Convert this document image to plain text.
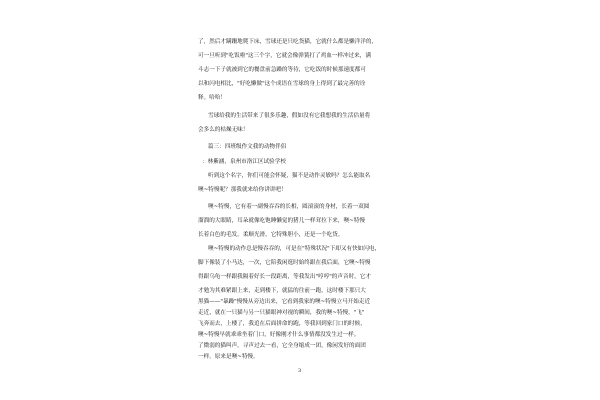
了，然后才蹒跚地爬下床，雪球还是只吃货猫，它就什么都是懒洋洋的，
可一旦听到"吃饭啦"这三个字，它就会像弹簧打了鸡血一样冲过来，满
斗志一下子就被到它的餐盘前急躁的等待，它吃饭的时候那速度都可
以和闪电相比，"好吃懒做"这个成语在雪球的身上得到了最完善的诠
释。哈哈！
雪球给我的生活带来了很多乐趣，假如没有它我想我的生活估量将
会多么的枯燥无味！
篇三：四班级作文我的动物伴侣
：林紫涵，泉州市洛江区试验学校
听到这个名字，你们可能会怀疑，猫不是动作灵敏吗？怎么能取名
噢~特慢呢？那我就来给你讲讲吧！
噢~特慢，它有着一副慢吞吞的长相，圆滚滚的身材，长着一双圆
溜溜的大眼睛，耳朵就像吃饱睡懒觉的猪儿一样耷拉下来，噢~特慢
长着白色的毛发，柔顺光滑，它特殊胆小，还是一个吃货。
噢~特慢的动作总是慢吞吞的，可是在"特殊状况"下却又有快如闪电，
脚下像装了小马达，一次，它陪我闲逛时始终跟在我后面，它噢~特慢
得跟乌龟一样跟我隔着好长一段距离，等我发出"哼哼"的声音时，它才
才勉为其难紧跟上来，走到楼下，就猛的往前一跑，这时楼下那只大
黑猫——"暴躁"慢慢从旁边出来，它看到我家的噢~特慢立马开始走近
走近，就在一只猫与另一只猫眼神对视的瞬间，我的噢~特慢，"飞"
飞奔而去，上楼了，我追在后面拼命的跑，等我回到家门口的时候，
噢~特慢早就乖乖坐着门口，好像刚才什么事情都没发生过一样。
了微弱的猫叫声，寻声过去一看，它全身缩成一团，像闲发好的面团
一样。原来是噢~特慢。
3
